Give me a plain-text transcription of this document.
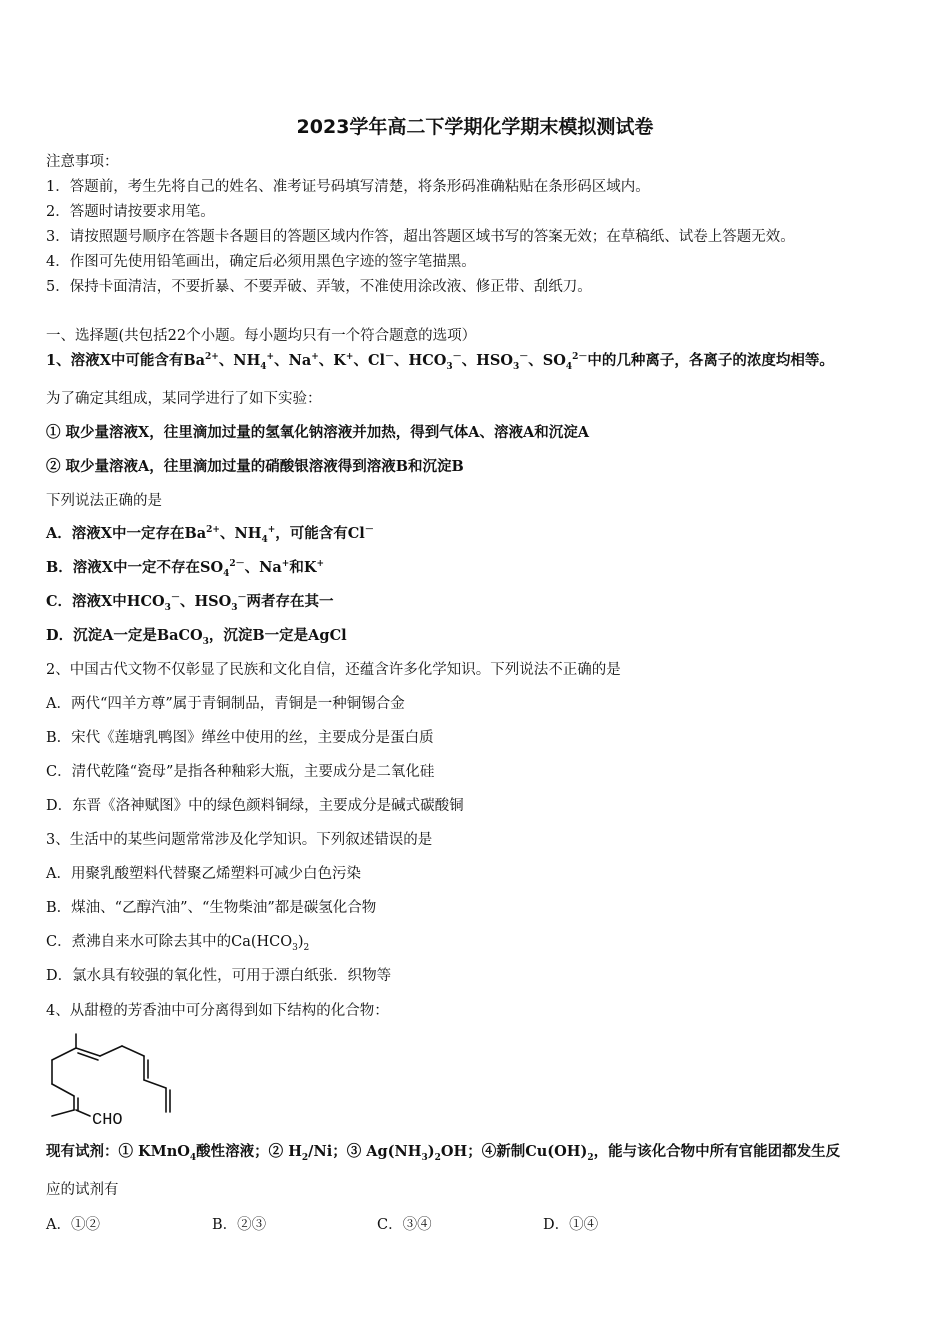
2023学年高二下学期化学期末模拟测试卷
注意事项：
1．答题前，考生先将自己的姓名、准考证号码填写清楚，将条形码准确粘贴在条形码区域内。
2．答题时请按要求用笔。
3．请按照题号顺序在答题卡各题目的答题区域内作答，超出答题区域书写的答案无效；在草稿纸、试卷上答题无效。
4．作图可先使用铅笔画出，确定后必须用黑色字迹的签字笔描黑。
5．保持卡面清洁，不要折暴、不要弄破、弄皱，不准使用涂改液、修正带、刮纸刀。
一、选择题(共包括22个小题。每小题均只有一个符合题意的选项）
1、溶液X中可能含有$Ba^{2+}$、$NH_4^+$、Na+、K+、Cl－、$HCO_3^-$、$HSO_3^-$、$SO_4^{2-}$中的几种离子，各离子的浓度均相等。
为了确定其组成，某同学进行了如下实验：
① 取少量溶液X，往里滴加过量的氢氧化钠溶液并加热，得到气体A、溶液A和沉淀A
② 取少量溶液A，往里滴加过量的硝酸银溶液得到溶液B和沉淀B
下列说法正确的是
A．溶液X中一定存在$Ba^{2+}$、$NH_4^+$，可能含有Cl－
B．溶液X中一定不存在$SO_4^{2-}$、Na+和K+
C．溶液X中$HCO_3^-$、$HSO_3^-$两者存在其一
D．沉淀A一定是BaCO$_3$，沉淀B一定是AgCl
2、中国古代文物不仅彰显了民族和文化自信，还蕴含许多化学知识。下列说法不正确的是
A．两代“四羊方尊”属于青铜制品，青铜是一种铜锡合金
B．宋代《莲塘乳鸭图》缂丝中使用的丝，主要成分是蛋白质
C．清代乾隆“瓷母”是指各种釉彩大瓶，主要成分是二氧化硅
D．东晋《洛神赋图》中的绿色颜料铜绿，主要成分是碱式碳酸铜
3、生活中的某些问题常常涉及化学知识。下列叙述错误的是
A．用聚乳酸塑料代替聚乙烯塑料可减少白色污染
B．煤油、“乙醇汽油”、“生物柴油”都是碳氢化合物
C．煮沸自来水可除去其中的$Ca(HCO_3)_2$
D．氯水具有较强的氧化性，可用于漂白纸张．织物等
4、从甜橙的芳香油中可分离得到如下结构的化合物：
CHO
现有试剂：① KMnO$_4$酸性溶液；② $H_2/Ni$；③ $Ag(NH_3)_2OH$；④新制$Cu(OH)_2$，能与该化合物中所有官能团都发生反
应的试剂有
A．①②	B．②③	C．③④	D．①④
